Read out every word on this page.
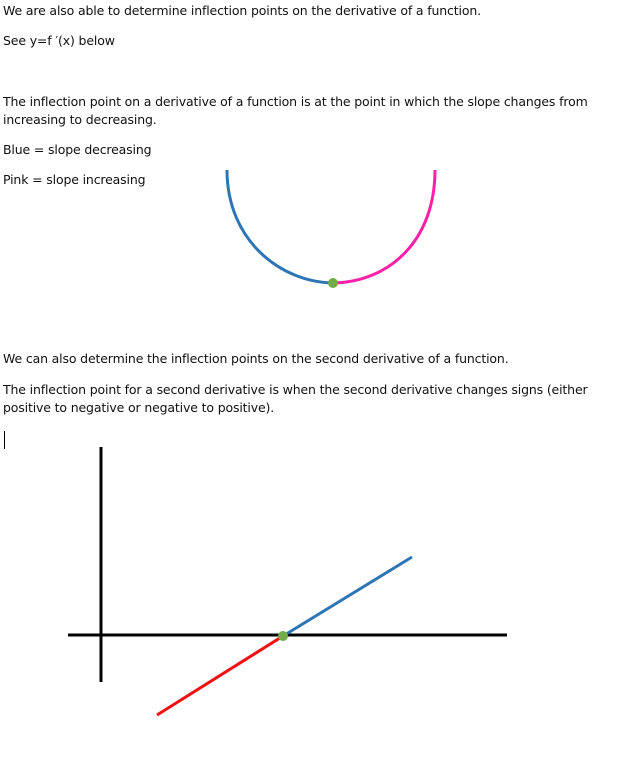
We are also able to determine inflection points on the derivative of a function.
See y=f ′(x) below
The inflection point on a derivative of a function is at the point in which the slope changes from increasing to decreasing.
Blue = slope decreasing
Pink = slope increasing
We can also determine the inflection points on the second derivative of a function.
The inflection point for a second derivative is when the second derivative changes signs (either positive to negative or negative to positive).
